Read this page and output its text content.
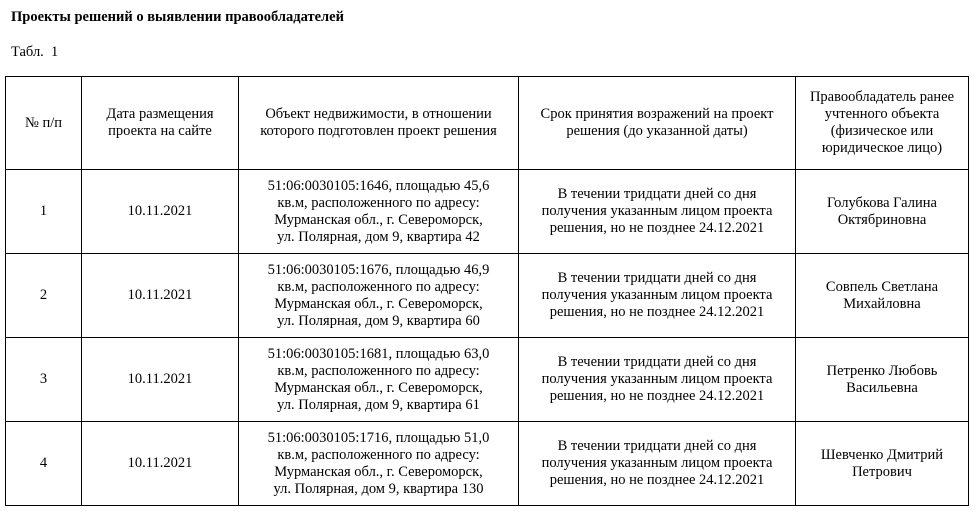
Проекты решений о выявлении правообладателей
Табл.  1
№ п/п	Дата размещения проекта на сайте	Объект недвижимости, в отношении которого подготовлен проект решения	Срок принятия возражений на проект решения (до указанной даты)	Правообладатель ранее учтенного объекта (физическое или юридическое лицо)
1	10.11.2021	51:06:0030105:1646, площадью 45,6
кв.м, расположенного по адресу:
Мурманская обл., г. Североморск,
ул. Полярная, дом 9, квартира 42	В течении тридцати дней со дня
получения указанным лицом проекта
решения, но не позднее 24.12.2021	Голубкова Галина
Октябриновна
2	10.11.2021	51:06:0030105:1676, площадью 46,9
кв.м, расположенного по адресу:
Мурманская обл., г. Североморск,
ул. Полярная, дом 9, квартира 60	В течении тридцати дней со дня
получения указанным лицом проекта
решения, но не позднее 24.12.2021	Совпель Светлана
Михайловна
3	10.11.2021	51:06:0030105:1681, площадью 63,0
кв.м, расположенного по адресу:
Мурманская обл., г. Североморск,
ул. Полярная, дом 9, квартира 61	В течении тридцати дней со дня
получения указанным лицом проекта
решения, но не позднее 24.12.2021	Петренко Любовь
Васильевна
4	10.11.2021	51:06:0030105:1716, площадью 51,0
кв.м, расположенного по адресу:
Мурманская обл., г. Североморск,
ул. Полярная, дом 9, квартира 130	В течении тридцати дней со дня
получения указанным лицом проекта
решения, но не позднее 24.12.2021	Шевченко Дмитрий
Петрович
